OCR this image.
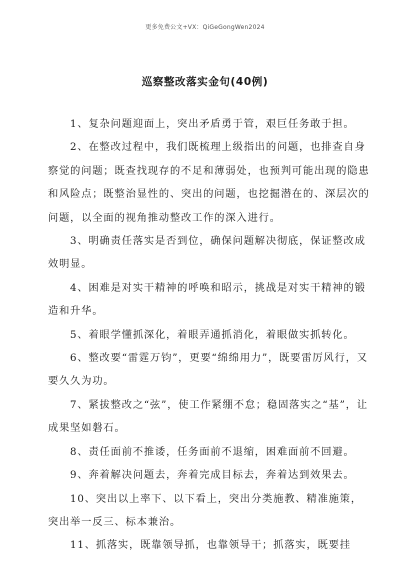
更多免费公文+VX：QiGeGongWen2024
巡察整改落实金句(40例)

1、复杂问题迎面上，突出矛盾勇于管，艰巨任务敢于担。

2、在整改过程中，我们既梳理上级指出的问题，也排查自身察觉的问题；既查找现存的不足和薄弱处，也预判可能出现的隐患和风险点；既整治显性的、突出的问题，也挖掘潜在的、深层次的问题，以全面的视角推动整改工作的深入进行。

3、明确责任落实是否到位，确保问题解决彻底，保证整改成效明显。

4、困难是对实干精神的呼唤和昭示，挑战是对实干精神的锻造和升华。

5、着眼学懂抓深化，着眼弄通抓消化，着眼做实抓转化。

6、整改要“雷霆万钧”，更要“绵绵用力”，既要雷厉风行，又要久久为功。

7、紧拔整改之“弦”，使工作紧绷不怠；稳固落实之“基”，让成果坚如磐石。

8、责任面前不推诿，任务面前不退缩，困难面前不回避。

9、奔着解决问题去，奔着完成目标去，奔着达到效果去。

10、突出以上率下、以下看上，突出分类施教、精准施策，突出举一反三、标本兼治。

11、抓落实，既靠领导抓，也靠领导干；抓落实，既要挂
